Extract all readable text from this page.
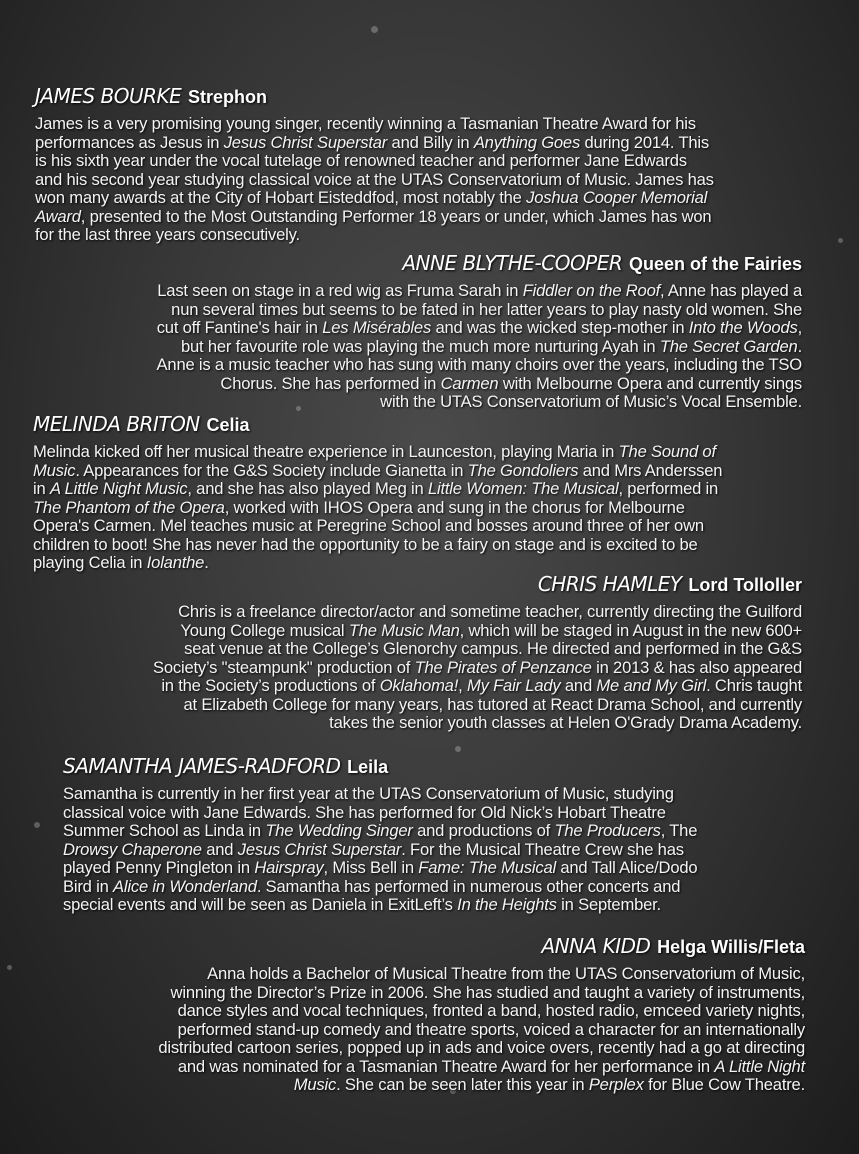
JAMES BOURKE Strephon

James is a very promising young singer, recently winning a Tasmanian Theatre Award for his
performances as Jesus in Jesus Christ Superstar and Billy in Anything Goes during 2014. This
is his sixth year under the vocal tutelage of renowned teacher and performer Jane Edwards
and his second year studying classical voice at the UTAS Conservatorium of Music. James has
won many awards at the City of Hobart Eisteddfod, most notably the Joshua Cooper Memorial
Award, presented to the Most Outstanding Performer 18 years or under, which James has won
for the last three years consecutively.

ANNE BLYTHE-COOPER Queen of the Fairies

Last seen on stage in a red wig as Fruma Sarah in Fiddler on the Roof, Anne has played a
nun several times but seems to be fated in her latter years to play nasty old women. She
cut off Fantine's hair in Les Misérables and was the wicked step-mother in Into the Woods,
but her favourite role was playing the much more nurturing Ayah in The Secret Garden.
Anne is a music teacher who has sung with many choirs over the years, including the TSO
Chorus. She has performed in Carmen with Melbourne Opera and currently sings
with the UTAS Conservatorium of Music’s Vocal Ensemble.

MELINDA BRITON Celia

Melinda kicked off her musical theatre experience in Launceston, playing Maria in The Sound of
Music. Appearances for the G&S Society include Gianetta in The Gondoliers and Mrs Anderssen
in A Little Night Music, and she has also played Meg in Little Women: The Musical, performed in
The Phantom of the Opera, worked with IHOS Opera and sung in the chorus for Melbourne
Opera's Carmen. Mel teaches music at Peregrine School and bosses around three of her own
children to boot! She has never had the opportunity to be a fairy on stage and is excited to be
playing Celia in Iolanthe.

CHRIS HAMLEY Lord Tolloller

Chris is a freelance director/actor and sometime teacher, currently directing the Guilford
Young College musical The Music Man, which will be staged in August in the new 600+
seat venue at the College’s Glenorchy campus. He directed and performed in the G&S
Society’s "steampunk" production of The Pirates of Penzance in 2013 & has also appeared
in the Society’s productions of Oklahoma!, My Fair Lady and Me and My Girl. Chris taught
at Elizabeth College for many years, has tutored at React Drama School, and currently
takes the senior youth classes at Helen O'Grady Drama Academy.

SAMANTHA JAMES-RADFORD Leila

Samantha is currently in her first year at the UTAS Conservatorium of Music, studying
classical voice with Jane Edwards. She has performed for Old Nick’s Hobart Theatre
Summer School as Linda in The Wedding Singer and productions of The Producers, The
Drowsy Chaperone and Jesus Christ Superstar. For the Musical Theatre Crew she has
played Penny Pingleton in Hairspray, Miss Bell in Fame: The Musical and Tall Alice/Dodo
Bird in Alice in Wonderland. Samantha has performed in numerous other concerts and
special events and will be seen as Daniela in ExitLeft’s In the Heights in September.

ANNA KIDD Helga Willis/Fleta

Anna holds a Bachelor of Musical Theatre from the UTAS Conservatorium of Music,
winning the Director’s Prize in 2006. She has studied and taught a variety of instruments,
dance styles and vocal techniques, fronted a band, hosted radio, emceed variety nights,
performed stand-up comedy and theatre sports, voiced a character for an internationally
distributed cartoon series, popped up in ads and voice overs, recently had a go at directing
and was nominated for a Tasmanian Theatre Award for her performance in A Little Night
Music. She can be seen later this year in Perplex for Blue Cow Theatre.
